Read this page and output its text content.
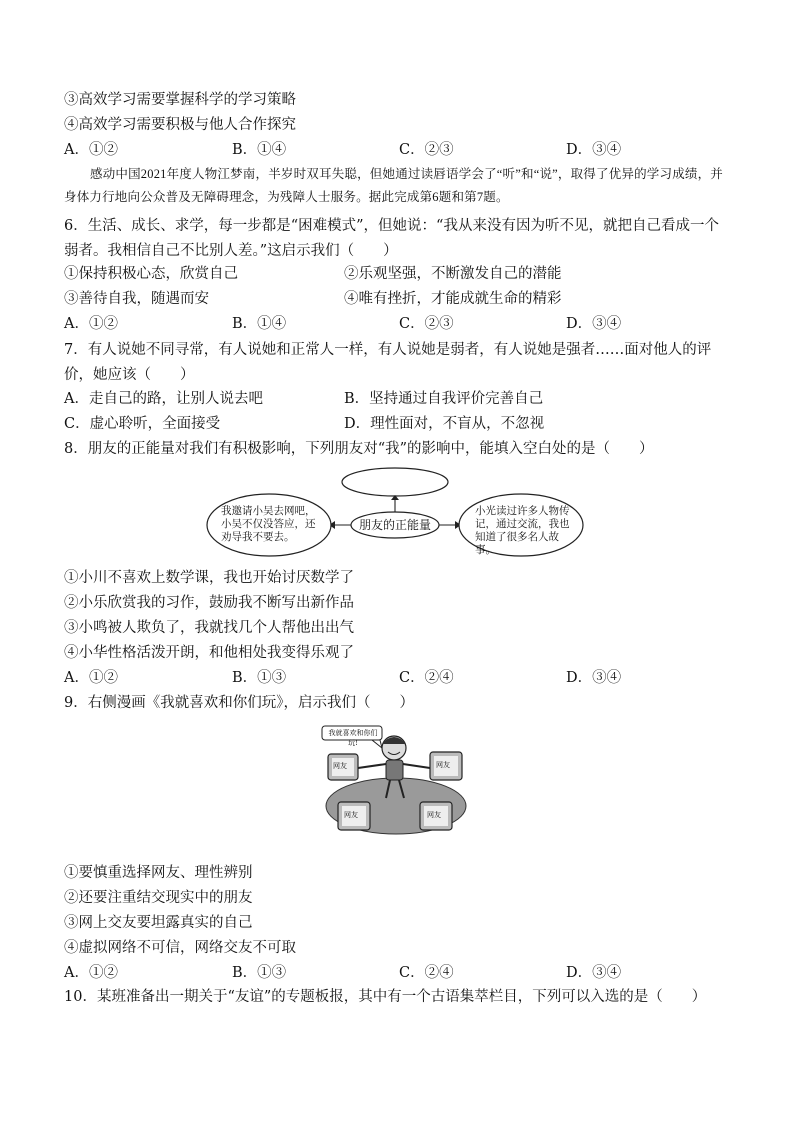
③高效学习需要掌握科学的学习策略
④高效学习需要积极与他人合作探究
A．①②	B．①④	C．②③	D．③④
感动中国2021年度人物江梦南，半岁时双耳失聪，但她通过读唇语学会了“听”和“说”，取得了优异的学习成绩，并身体力行地向公众普及无障碍理念，为残障人士服务。据此完成第6题和第7题。
6．生活、成长、求学，每一步都是“困难模式”，但她说：“我从来没有因为听不见，就把自己看成一个弱者。我相信自己不比别人差。”这启示我们（　　）
①保持积极心态，欣赏自己	②乐观坚强，不断激发自己的潜能
③善待自我，随遇而安	④唯有挫折，才能成就生命的精彩
A．①②	B．①④	C．②③	D．③④
7．有人说她不同寻常，有人说她和正常人一样，有人说她是弱者，有人说她是强者……面对他人的评价，她应该（　　）
A．走自己的路，让别人说去吧	B．坚持通过自我评价完善自己
C．虚心聆听，全面接受	D．理性面对，不盲从，不忽视
8．朋友的正能量对我们有积极影响，下列朋友对“我”的影响中，能填入空白处的是（　　）
朋友的正能量
我邀请小吴去网吧，小吴不仅没答应，还劝导我不要去。
小光读过许多人物传记，通过交流，我也知道了很多名人故事。
①小川不喜欢上数学课，我也开始讨厌数学了
②小乐欣赏我的习作，鼓励我不断写出新作品
③小鸣被人欺负了，我就找几个人帮他出出气
④小华性格活泼开朗，和他相处我变得乐观了
A．①②	B．①③	C．②④	D．③④
9．右侧漫画《我就喜欢和你们玩》，启示我们（　　）
我就喜欢和你们玩!
网友	网友
网友	网友
①要慎重选择网友、理性辨别
②还要注重结交现实中的朋友
③网上交友要坦露真实的自己
④虚拟网络不可信，网络交友不可取
A．①②	B．①③	C．②④	D．③④
10．某班准备出一期关于“友谊”的专题板报，其中有一个古语集萃栏目，下列可以入选的是（　　）
